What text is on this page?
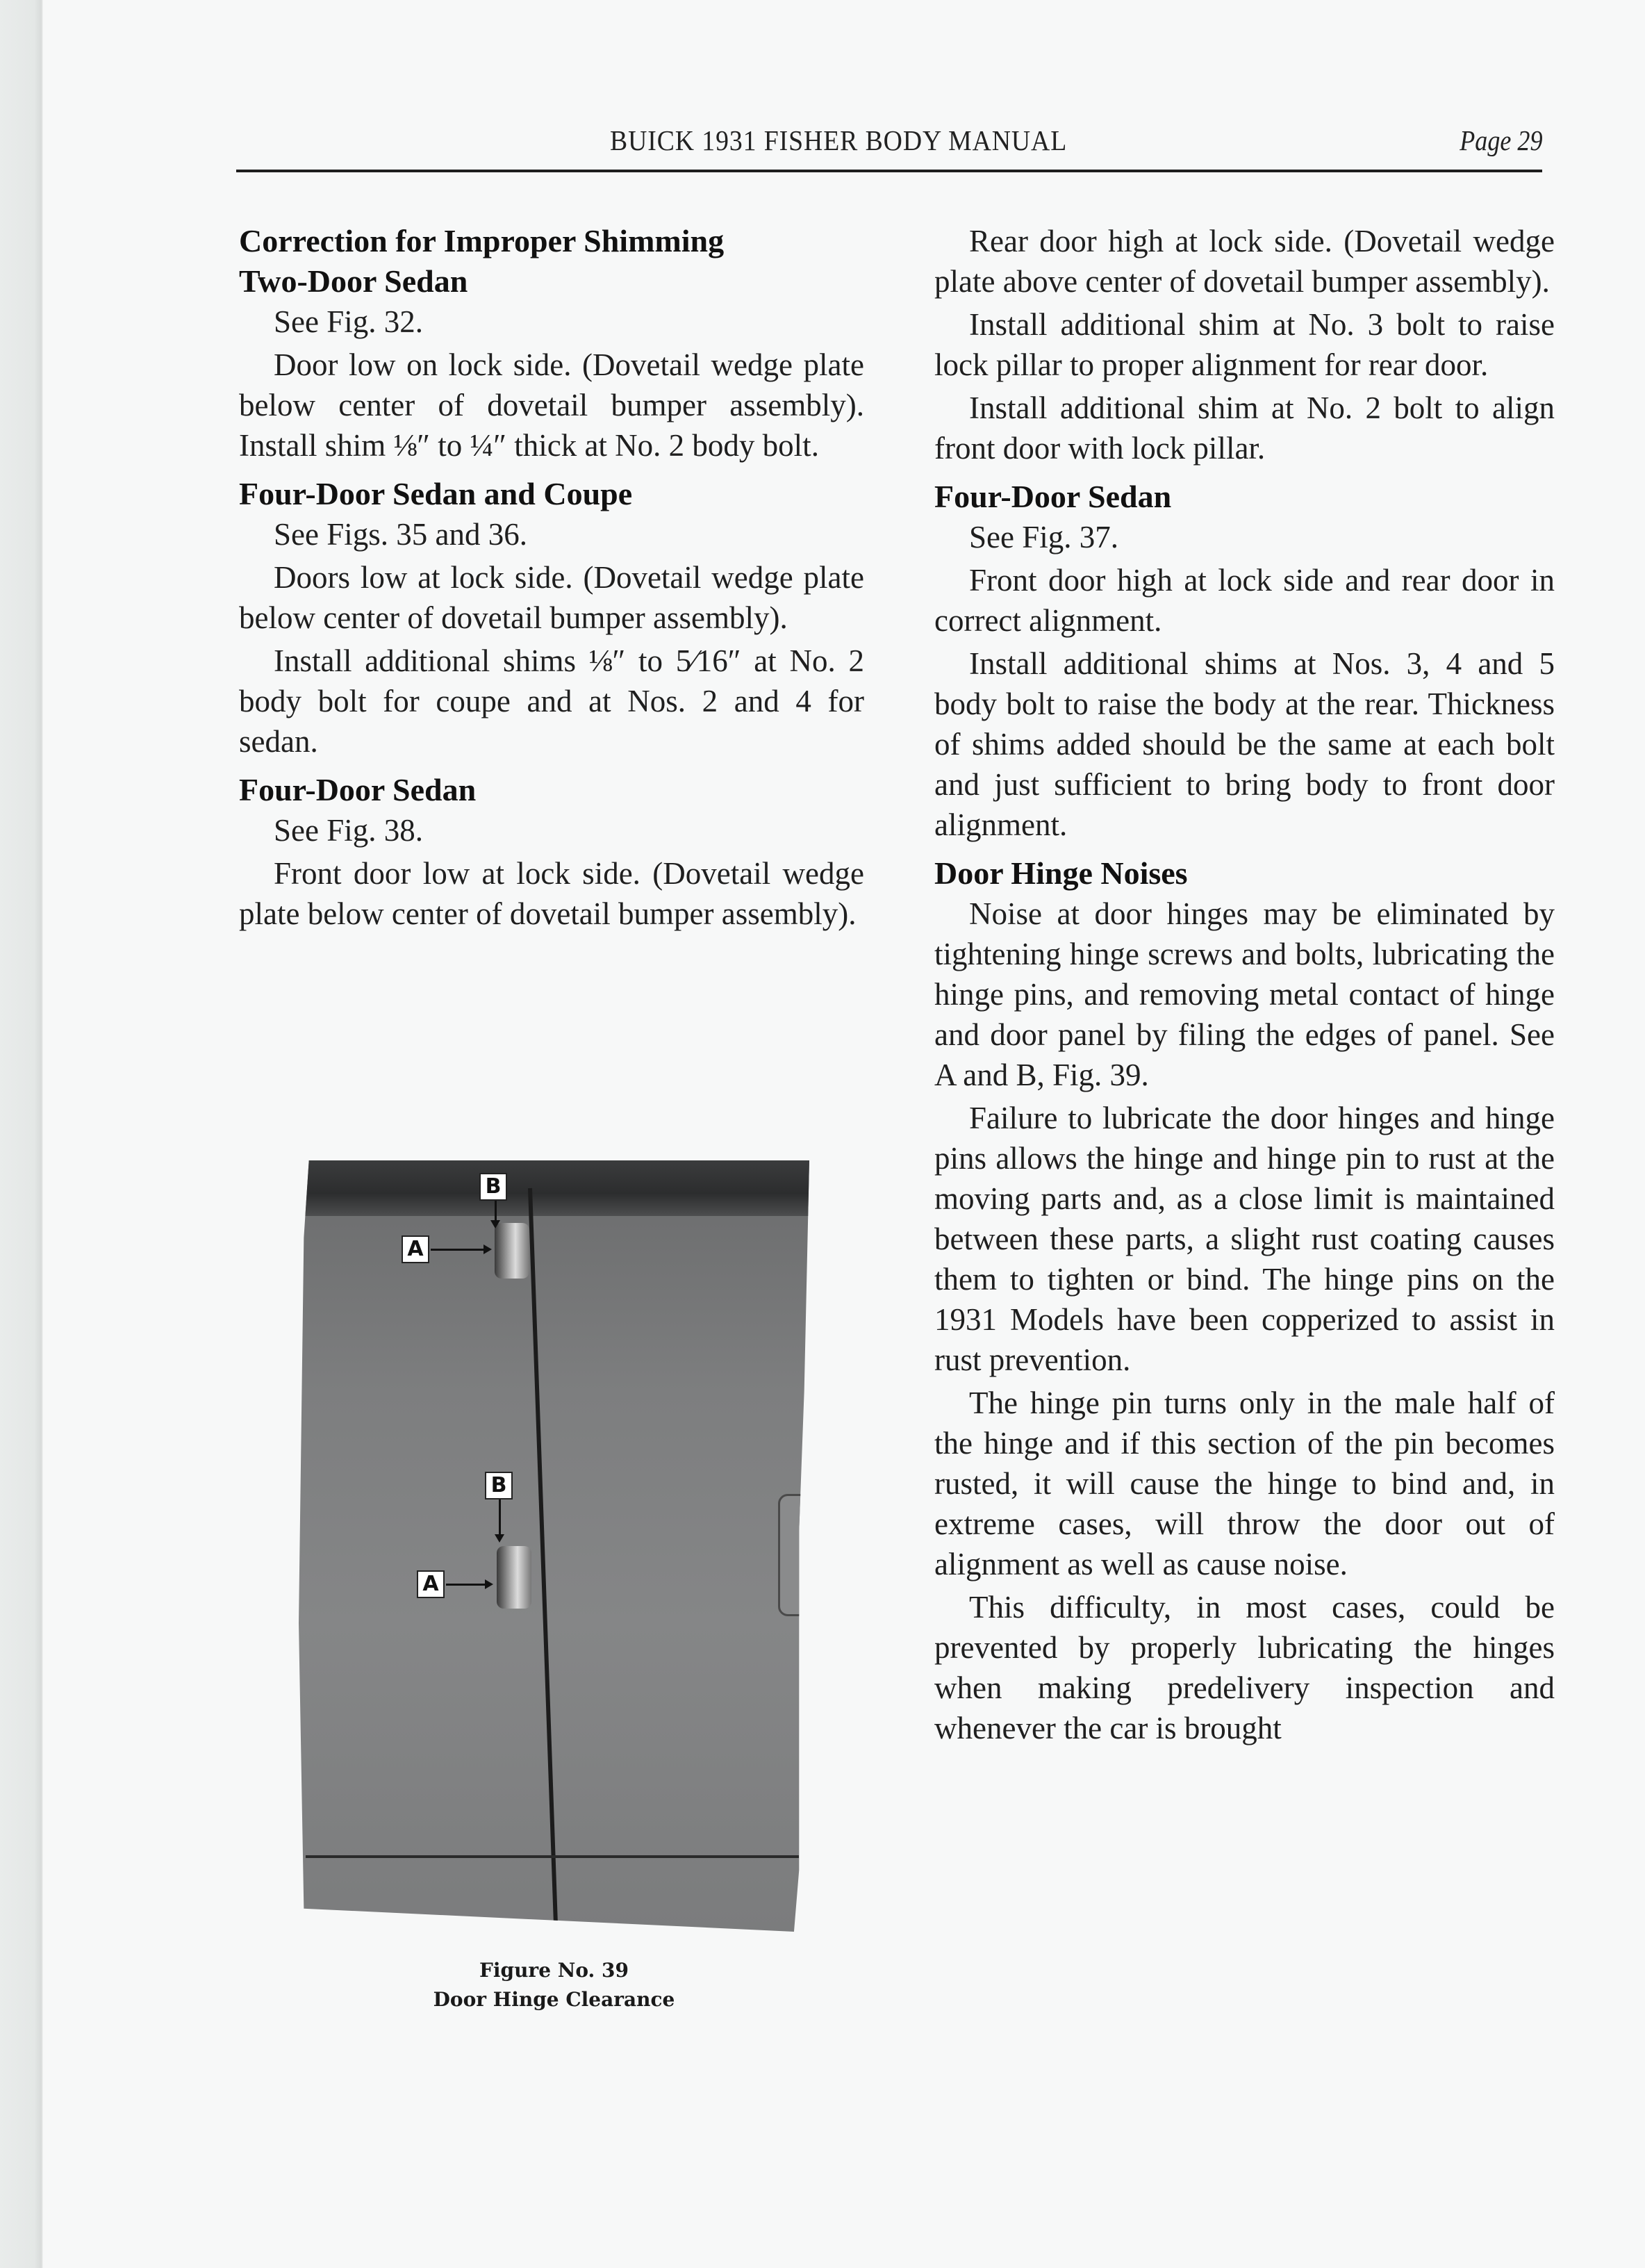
BUICK 1931 FISHER BODY MANUAL	Page 29
Correction for Improper Shimming
Two-Door Sedan

See Fig. 32.

Door low on lock side. (Dovetail wedge plate below center of dovetail bumper assembly). Install shim ⅛″ to ¼″ thick at No. 2 body bolt.

Four-Door Sedan and Coupe

See Figs. 35 and 36.

Doors low at lock side. (Dovetail wedge plate below center of dovetail bumper assembly).

Install additional shims ⅛″ to 5⁄16″ at No. 2 body bolt for coupe and at Nos. 2 and 4 for sedan.

Four-Door Sedan

See Fig. 38.

Front door low at lock side. (Dovetail wedge plate below center of dovetail bumper assembly).

B
A
B
A
Figure No. 39
Door Hinge Clearance

Rear door high at lock side. (Dovetail wedge plate above center of dovetail bumper assembly).

Install additional shim at No. 3 bolt to raise lock pillar to proper alignment for rear door.

Install additional shim at No. 2 bolt to align front door with lock pillar.

Four-Door Sedan

See Fig. 37.

Front door high at lock side and rear door in correct alignment.

Install additional shims at Nos. 3, 4 and 5 body bolt to raise the body at the rear. Thickness of shims added should be the same at each bolt and just sufficient to bring body to front door alignment.

Door Hinge Noises

Noise at door hinges may be eliminated by tightening hinge screws and bolts, lubricating the hinge pins, and removing metal contact of hinge and door panel by filing the edges of panel. See A and B, Fig. 39.

Failure to lubricate the door hinges and hinge pins allows the hinge and hinge pin to rust at the moving parts and, as a close limit is maintained between these parts, a slight rust coating causes them to tighten or bind. The hinge pins on the 1931 Models have been copperized to assist in rust prevention.

The hinge pin turns only in the male half of the hinge and if this section of the pin becomes rusted, it will cause the hinge to bind and, in extreme cases, will throw the door out of alignment as well as cause noise.

This difficulty, in most cases, could be prevented by properly lubricating the hinges when making predelivery inspection and whenever the car is brought
